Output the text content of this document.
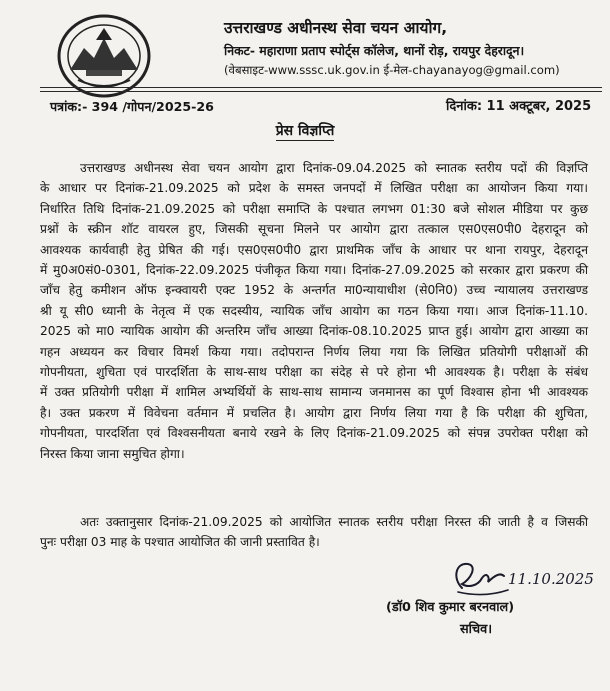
उत्तराखण्ड अधीनस्थ सेवा चयन आयोग,
निकट- महाराणा प्रताप स्पोर्ट्स कॉलेज, थानों रोड़, रायपुर देहरादून।
(वेबसाइट-www.sssc.uk.gov.in ई-मेल-chayanayog@gmail.com)
पत्रांक:- 394 /गोपन/2025-26	दिनांक: 11 अक्टूबर, 2025
प्रेस विज्ञप्ति
उत्तराखण्ड अधीनस्थ सेवा चयन आयोग द्वारा दिनांक-09.04.2025 को स्नातक स्तरीय पदों की विज्ञप्ति
के आधार पर दिनांक-21.09.2025 को प्रदेश के समस्त जनपदों में लिखित परीक्षा का आयोजन किया गया।
निर्धारित तिथि दिनांक-21.09.2025 को परीक्षा समाप्ति के पश्चात लगभग 01:30 बजे सोशल मीडिया पर कुछ
प्रश्नों के स्क्रीन शॉट वायरल हुए, जिसकी सूचना मिलने पर आयोग द्वारा तत्काल एस0एस0पी0 देहरादून को
आवश्यक कार्यवाही हेतु प्रेषित की गई। एस0एस0पी0 द्वारा प्राथमिक जाँच के आधार पर थाना रायपुर, देहरादून
में मु0अ0सं0-0301, दिनांक-22.09.2025 पंजीकृत किया गया। दिनांक-27.09.2025 को सरकार द्वारा प्रकरण की
जाँच हेतु कमीशन ऑफ इन्क्वायरी एक्ट 1952 के अन्तर्गत मा0न्यायाधीश (से0नि0) उच्च न्यायालय उत्तराखण्ड
श्री यू सी0 ध्यानी के नेतृत्व में एक सदस्यीय, न्यायिक जाँच आयोग का गठन किया गया। आज दिनांक-11.10.
2025 को मा0 न्यायिक आयोग की अन्तरिम जाँच आख्या दिनांक-08.10.2025 प्राप्त हुई। आयोग द्वारा आख्या का
गहन अध्ययन कर विचार विमर्श किया गया। तदोपरान्त निर्णय लिया गया कि लिखित प्रतियोगी परीक्षाओं की
गोपनीयता, शुचिता एवं पारदर्शिता के साथ-साथ परीक्षा का संदेह से परे होना भी आवश्यक है। परीक्षा के संबंध
में उक्त प्रतियोगी परीक्षा में शामिल अभ्यर्थियों के साथ-साथ सामान्य जनमानस का पूर्ण विश्वास होना भी आवश्यक
है। उक्त प्रकरण में विवेचना वर्तमान में प्रचलित है। आयोग द्वारा निर्णय लिया गया है कि परीक्षा की शुचिता,
गोपनीयता, पारदर्शिता एवं विश्वसनीयता बनाये रखने के लिए दिनांक-21.09.2025 को संपन्न उपरोक्त परीक्षा को
निरस्त किया जाना समुचित होगा।
अतः उक्तानुसार दिनांक-21.09.2025 को आयोजित स्नातक स्तरीय परीक्षा निरस्त की जाती है व जिसकी
पुनः परीक्षा 03 माह के पश्चात आयोजित की जानी प्रस्तावित है।
11.10.2025
(डॉ0 शिव कुमार बरनवाल)
सचिव।
